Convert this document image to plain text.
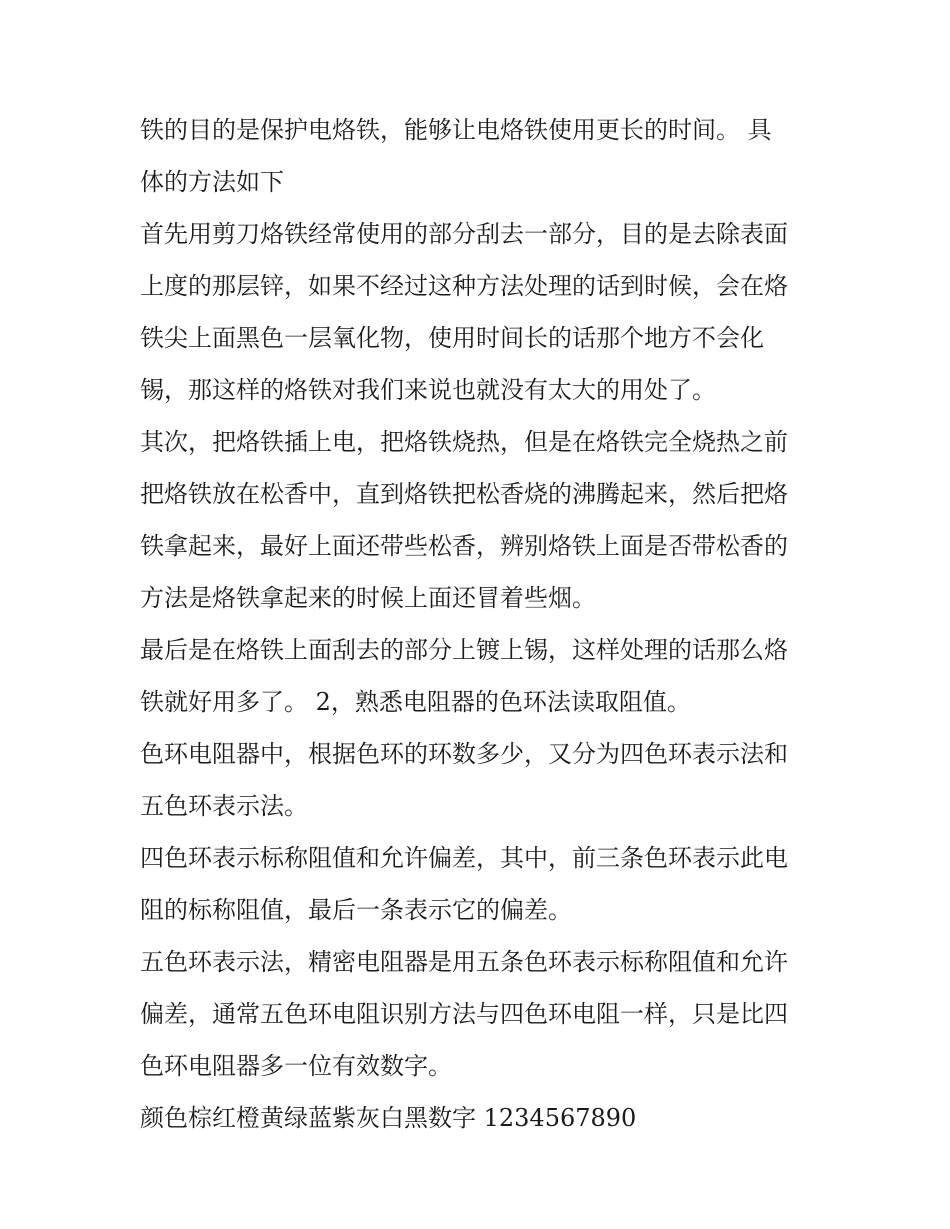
铁的目的是保护电烙铁，能够让电烙铁使用更长的时间。 具
体的方法如下

首先用剪刀烙铁经常使用的部分刮去一部分，目的是去除表面
上度的那层锌，如果不经过这种方法处理的话到时候，会在烙
铁尖上面黑色一层氧化物，使用时间长的话那个地方不会化
锡，那这样的烙铁对我们来说也就没有太大的用处了。

其次，把烙铁插上电，把烙铁烧热，但是在烙铁完全烧热之前
把烙铁放在松香中，直到烙铁把松香烧的沸腾起来，然后把烙
铁拿起来，最好上面还带些松香，辨别烙铁上面是否带松香的
方法是烙铁拿起来的时候上面还冒着些烟。

最后是在烙铁上面刮去的部分上镀上锡，这样处理的话那么烙
铁就好用多了。 2，熟悉电阻器的色环法读取阻值。

色环电阻器中，根据色环的环数多少，又分为四色环表示法和
五色环表示法。

四色环表示标称阻值和允许偏差，其中，前三条色环表示此电
阻的标称阻值，最后一条表示它的偏差。

五色环表示法，精密电阻器是用五条色环表示标称阻值和允许
偏差，通常五色环电阻识别方法与四色环电阻一样，只是比四
色环电阻器多一位有效数字。

颜色棕红橙黄绿蓝紫灰白黑数字 1234567890
